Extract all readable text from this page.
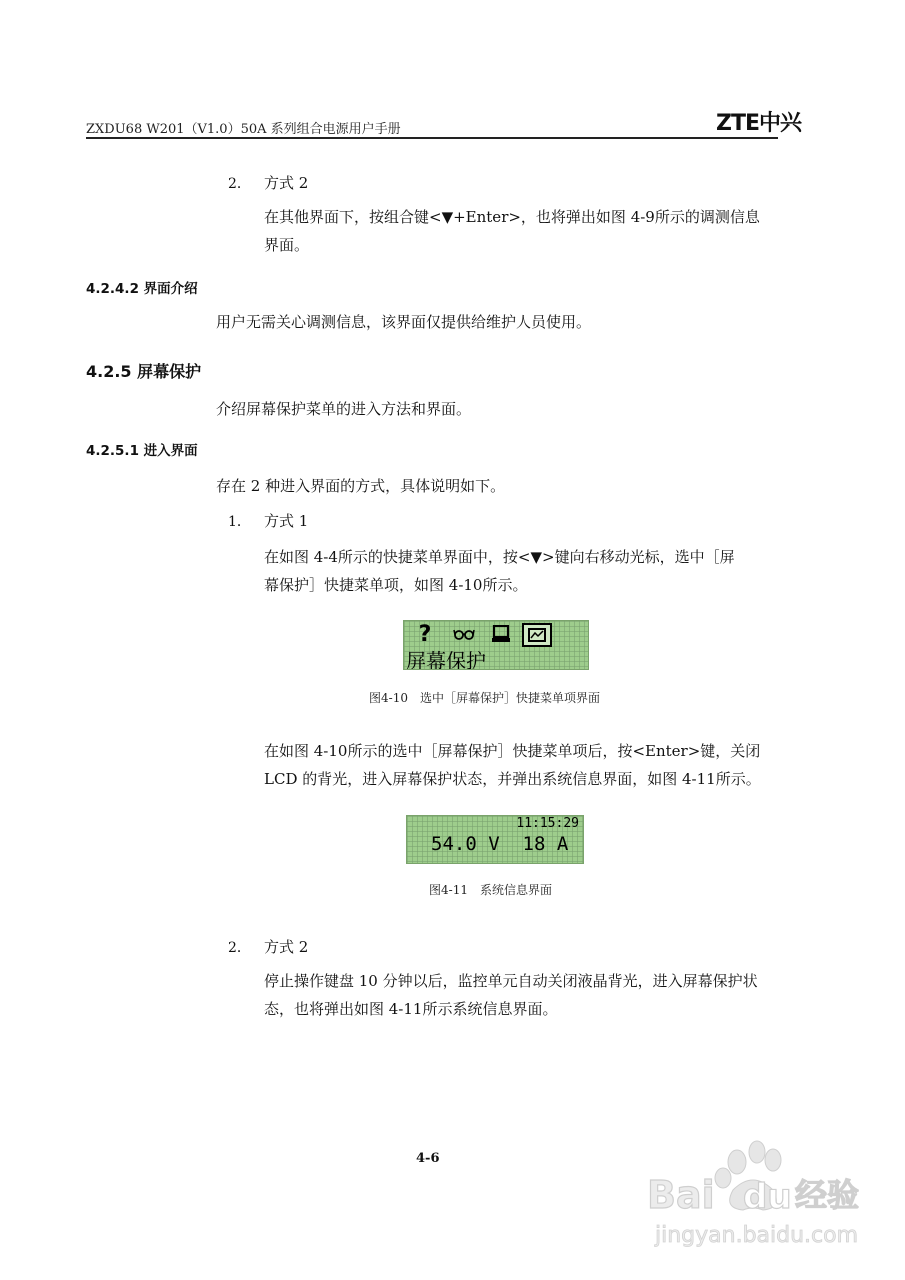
ZXDU68 W201（V1.0）50A 系列组合电源用户手册	ZTE中兴
2． 方式 2
在其他界面下，按组合键<▼+Enter>，也将弹出如图 4-9所示的调测信息
界面。
4.2.4.2 界面介绍
用户无需关心调测信息，该界面仅提供给维护人员使用。
4.2.5 屏幕保护
介绍屏幕保护菜单的进入方法和界面。
4.2.5.1 进入界面
存在 2 种进入界面的方式，具体说明如下。
1． 方式 1
在如图 4-4所示的快捷菜单界面中，按<▼>键向右移动光标，选中［屏
幕保护］快捷菜单项，如图 4-10所示。
?
屏幕保护
图4-10　选中［屏幕保护］快捷菜单项界面
在如图 4-10所示的选中［屏幕保护］快捷菜单项后，按<Enter>键，关闭
LCD 的背光，进入屏幕保护状态，并弹出系统信息界面，如图 4-11所示。
11:15:29
54.0 V 18 A
图4-11　系统信息界面
2． 方式 2
停止操作键盘 10 分钟以后，监控单元自动关闭液晶背光，进入屏幕保护状
态，也将弹出如图 4-11所示系统信息界面。
4-6
Bai du 经验
jingyan.baidu.com
